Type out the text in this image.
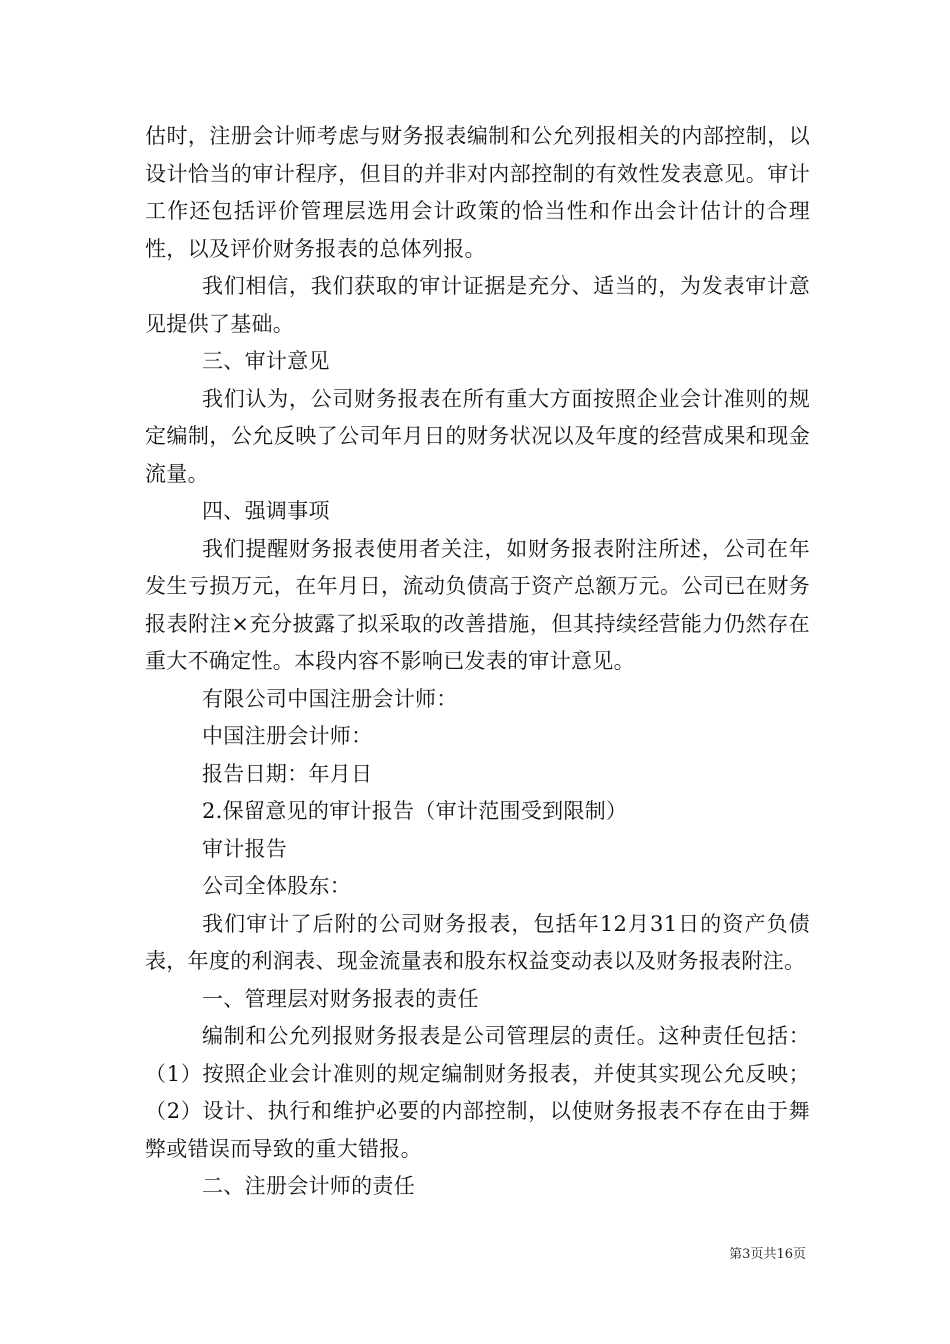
估时，注册会计师考虑与财务报表编制和公允列报相关的内部控制，以设计恰当的审计程序，但目的并非对内部控制的有效性发表意见。审计工作还包括评价管理层选用会计政策的恰当性和作出会计估计的合理性，以及评价财务报表的总体列报。

我们相信，我们获取的审计证据是充分、适当的，为发表审计意见提供了基础。

三、审计意见

我们认为，公司财务报表在所有重大方面按照企业会计准则的规定编制，公允反映了公司年月日的财务状况以及年度的经营成果和现金流量。

四、强调事项

我们提醒财务报表使用者关注，如财务报表附注所述，公司在年发生亏损万元，在年月日，流动负债高于资产总额万元。公司已在财务报表附注×充分披露了拟采取的改善措施，但其持续经营能力仍然存在重大不确定性。本段内容不影响已发表的审计意见。

有限公司中国注册会计师：

中国注册会计师：

报告日期：年月日

2.保留意见的审计报告（审计范围受到限制）

审计报告

公司全体股东：

我们审计了后附的公司财务报表，包括年12月31日的资产负债表，年度的利润表、现金流量表和股东权益变动表以及财务报表附注。

一、管理层对财务报表的责任

编制和公允列报财务报表是公司管理层的责任。这种责任包括：（1）按照企业会计准则的规定编制财务报表，并使其实现公允反映；（2）设计、执行和维护必要的内部控制，以使财务报表不存在由于舞弊或错误而导致的重大错报。

二、注册会计师的责任

第3页共16页
